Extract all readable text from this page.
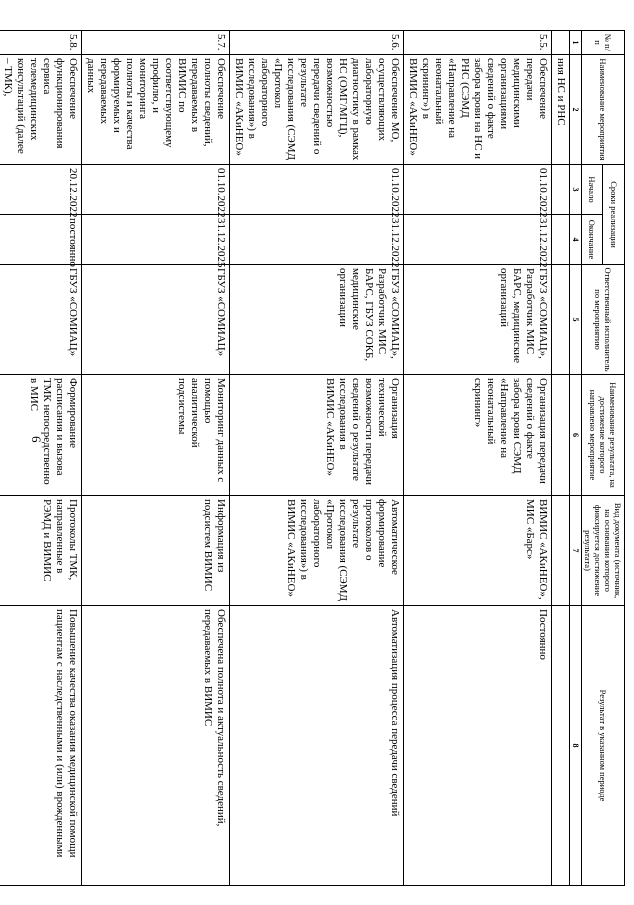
6
№ п/п	Наименование мероприятия	Сроки реализации		Ответственный исполнитель по мероприятию	Наименование результата, на достижение которого направлено мероприятие	Вид документа (источник, на основании которого фиксируется достижение результата)	Результат в указанном периоде
		Начало	Окончание				
1	2	3	4	5	6	7	8
	ния НС и РНС						
5.5.	Обеспечение передачи медицинскими организациями сведений о факте забора крови на НС и РНС (СЭМД «Направление на неонатальный скрининг») в ВИМИС «АКиНЕО»	01.10.2022	31.12.2022	ГБУЗ «СОМИАЦ», Разработчик МИС БАРС, медицинские организаций	Организация передачи сведений о факте забора крови СЭМД «Направление на неонатальный скрининг»	ВИМИС «АКиНЕО», МИС «Барс»	Постоянно
5.6.	Обеспечение МО, осуществляющих лабораторную диагностику в рамках НС (ОМГ/МГЦ), возможностью передачи сведений о результате исследования (СЭМД «Протокол лабораторного исследования») в ВИМИС «АКиНЕО»	01.10.2022	31.12.2022	ГБУЗ «СОМИАЦ», Разработчик МИС БАРС, ГБУЗ СОКБ, медицинские организации	Организация технической возможности передачи сведений о результате исследования в ВИМИС «АКиНЕО»	Автоматическое формирование протоколов о результате исследования (СЭМД «Протокол лабораторного исследования») в ВИМИС «АКиНЕО»	Автоматизация процесса передачи сведений
5.7.	Обеспечение полноты сведений, передаваемых в ВИМИС по соответствующему профилю, и мониторинга полноты и качества формируемых и передаваемых данных	01.10.2022	31.12.2025	ГБУЗ «СОМИАЦ»	Мониторинг данных с помощью аналитической подсистемы	Информация из подсистем ВИМИС	Обеспечена полнота и актуальность сведений, передаваемых в ВИМИС
5.8.	Обеспечение функционирования сервиса телемедицинских консультаций (далее – ТМК),	20.12.2022	постоянно	ГБУЗ «СОМИАЦ»	Формирование расписания и вызова ТМК непосредственно в МИС	Протоколы ТМК, направленные в РЭМД и ВИМИС	Повышение качества оказания медицинской помощи пациентам с наследственными и (или) врожденными
